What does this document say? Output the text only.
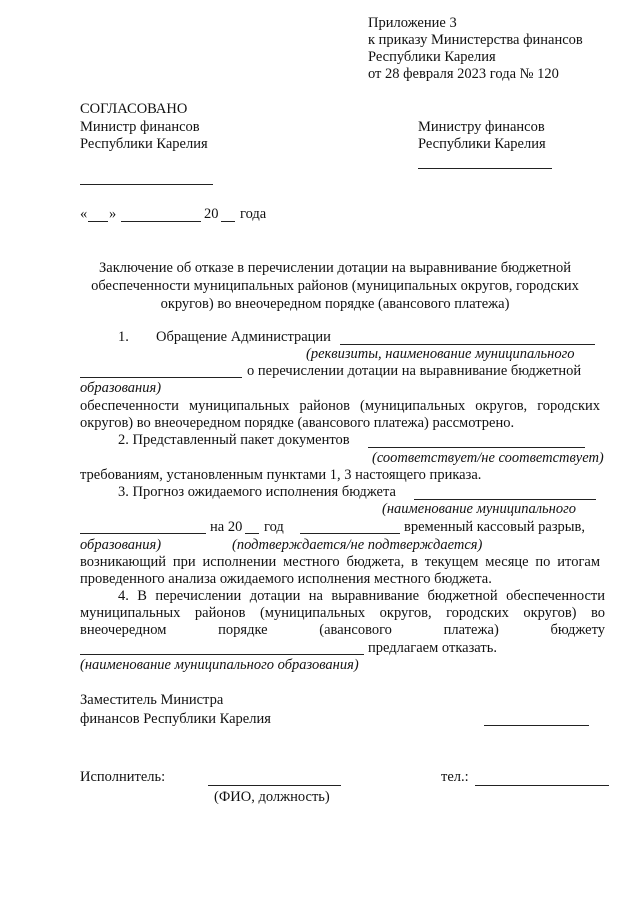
Приложение 3
к приказу Министерства финансов
Республики Карелия
от 28 февраля 2023 года № 120
СОГЛАСОВАНО
Министр финансов
Республики Карелия
Министру финансов
Республики Карелия
« »	20 года
Заключение об отказе в перечислении дотации на выравнивание бюджетной
обеспеченности муниципальных районов (муниципальных округов, городских
округов) во внеочередном порядке (авансового платежа)
1. Обращение Администрации
(реквизиты, наименование муниципального
о перечислении дотации на выравнивание бюджетной
образования)
обеспеченности муниципальных районов (муниципальных округов, городских
округов) во внеочередном порядке (авансового платежа) рассмотрено.
2. Представленный пакет документов
(соответствует/не соответствует)
требованиям, установленным пунктами 1, 3 настоящего приказа.
3. Прогноз ожидаемого исполнения бюджета
(наименование муниципального
на 20 год	временный кассовый разрыв,
образования)	(подтверждается/не подтверждается)
возникающий при исполнении местного бюджета, в текущем месяце по итогам
проведенного анализа ожидаемого исполнения местного бюджета.
4. В перечислении дотации на выравнивание бюджетной обеспеченности
муниципальных районов (муниципальных округов, городских округов) во
внеочередном порядке (авансового платежа) бюджету
предлагаем отказать.
(наименование муниципального образования)
Заместитель Министра
финансов Республики Карелия
Исполнитель:
(ФИО, должность)
тел.:
